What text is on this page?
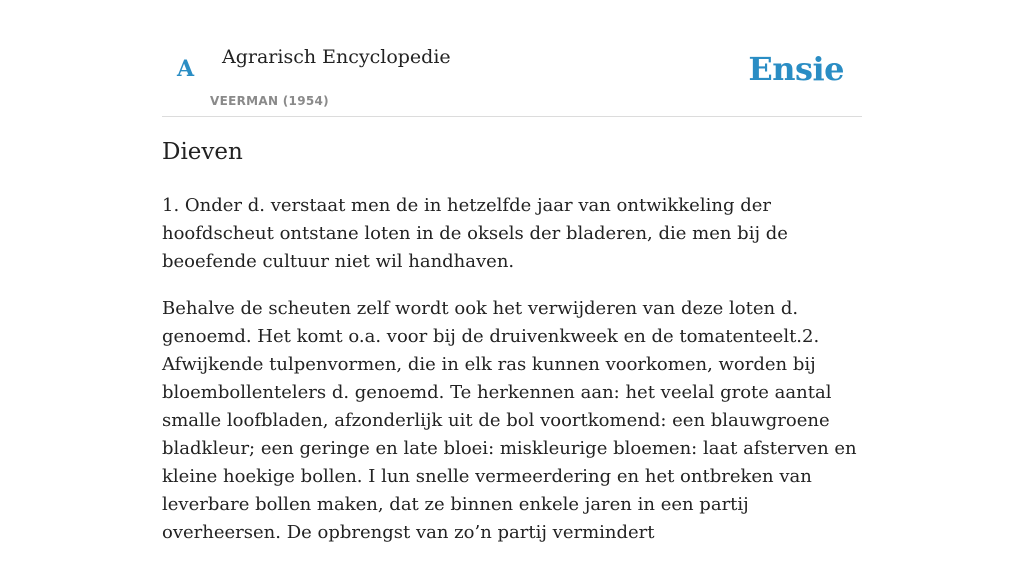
A Agrarisch Encyclopedie
VEERMAN (1954)
Ensie
Dieven

1. Onder d. verstaat men de in hetzelfde jaar van ontwikkeling der hoofdscheut ontstane loten in de oksels der bladeren, die men bij de beoefende cultuur niet wil handhaven.

Behalve de scheuten zelf wordt ook het verwijderen van deze loten d. genoemd. Het komt o.a. voor bij de druivenkweek en de tomatenteelt.2. Afwijkende tulpenvormen, die in elk ras kunnen voorkomen, worden bij bloembollentelers d. genoemd. Te herkennen aan: het veelal grote aantal smalle loofbladen, afzonderlijk uit de bol voortkomend: een blauwgroene bladkleur; een geringe en late bloei: miskleurige bloemen: laat afsterven en kleine hoekige bollen. I lun snelle vermeerdering en het ontbreken van leverbare bollen maken, dat ze binnen enkele jaren in een partij overheersen. De opbrengst van zo’n partij vermindert
